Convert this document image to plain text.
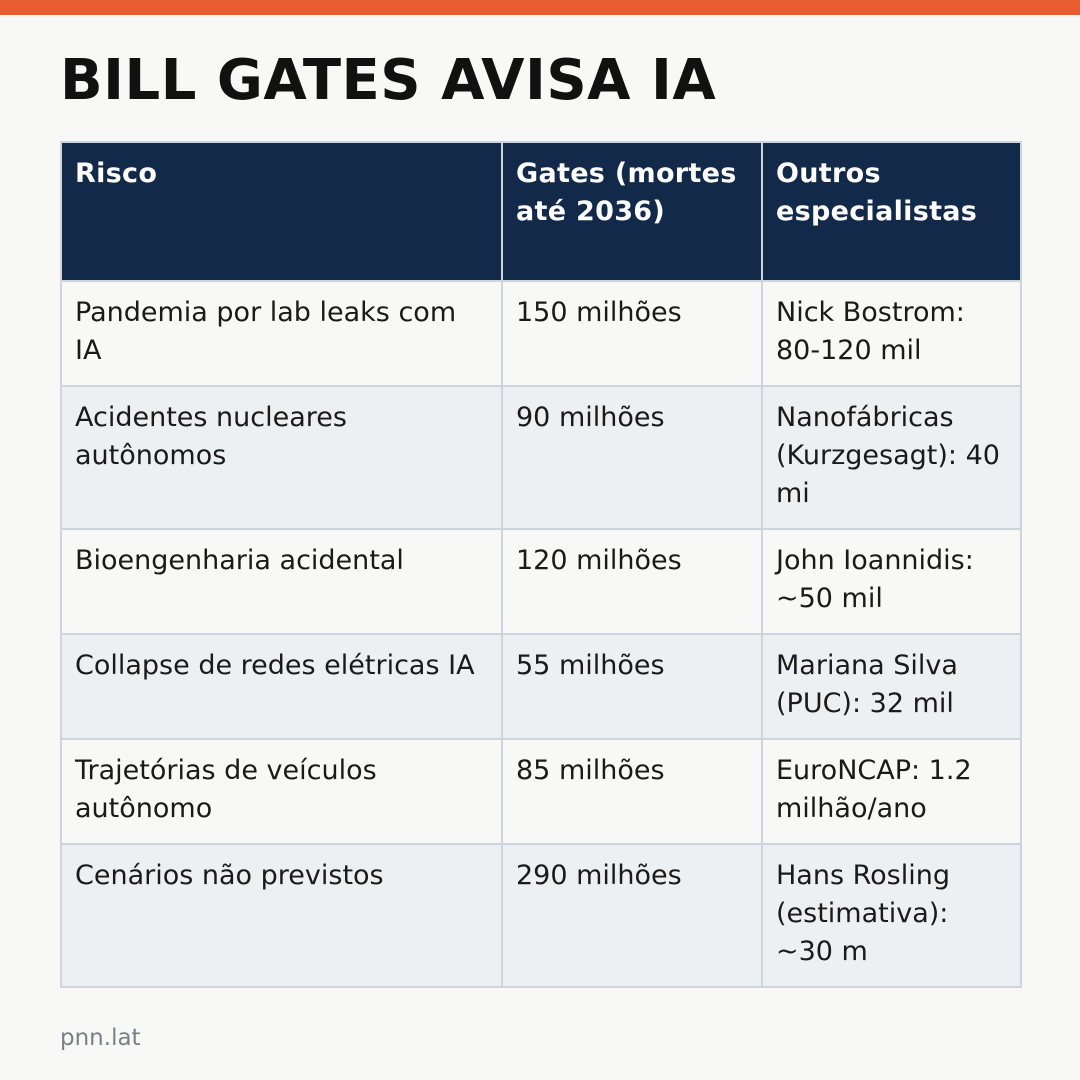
BILL GATES AVISA IA
Risco	Gates (mortes até 2036)	Outros especialistas
Pandemia por lab leaks com IA	150 milhões	Nick Bostrom: 80-120 mil
Acidentes nucleares autônomos	90 milhões	Nanofábricas (Kurzgesagt): 40 mi
Bioengenharia acidental	120 milhões	John Ioannidis: ~50 mil
Collapse de redes elétricas IA	55 milhões	Mariana Silva (PUC): 32 mil
Trajetórias de veículos autônomo	85 milhões	EuroNCAP: 1.2 milhão/ano
Cenários não previstos	290 milhões	Hans Rosling (estimativa): ~30 m
pnn.lat
